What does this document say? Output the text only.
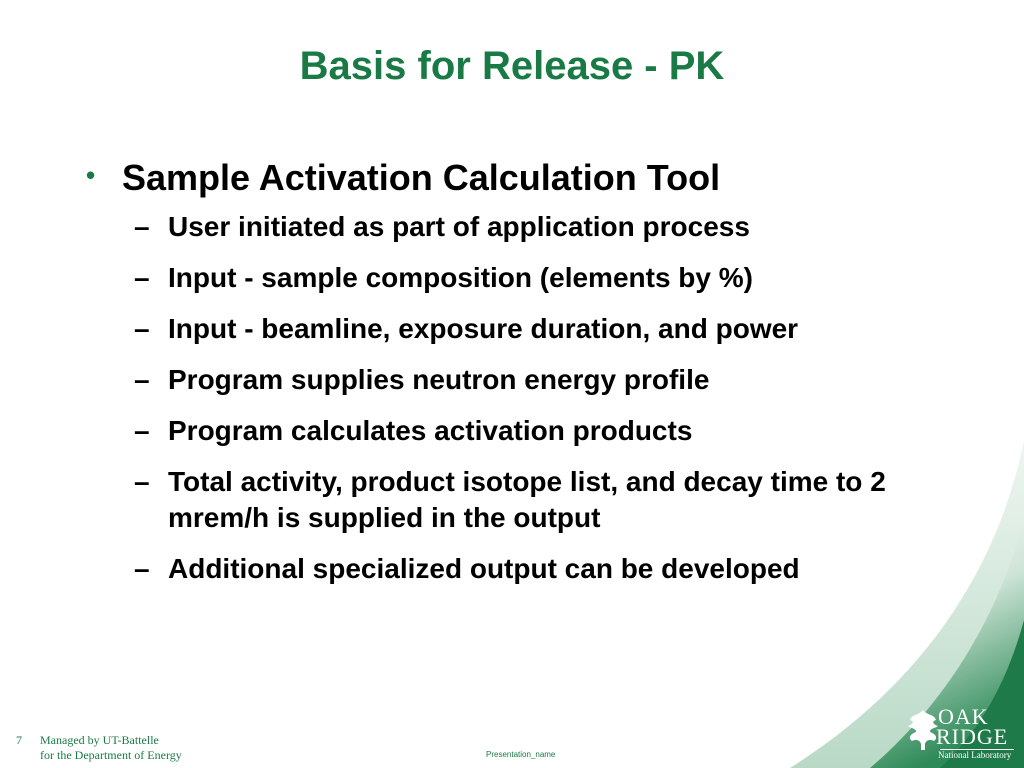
Basis for Release - PK
• Sample Activation Calculation Tool
– User initiated as part of application process
– Input - sample composition (elements by %)
– Input - beamline, exposure duration, and power
– Program supplies neutron energy profile
– Program calculates activation products
– Total activity, product isotope list, and decay time to 2 mrem/h is supplied in the output
– Additional specialized output can be developed
7 Managed by UT-Battelle
for the Department of Energy	Presentation_name
OAK
RIDGE
National Laboratory
